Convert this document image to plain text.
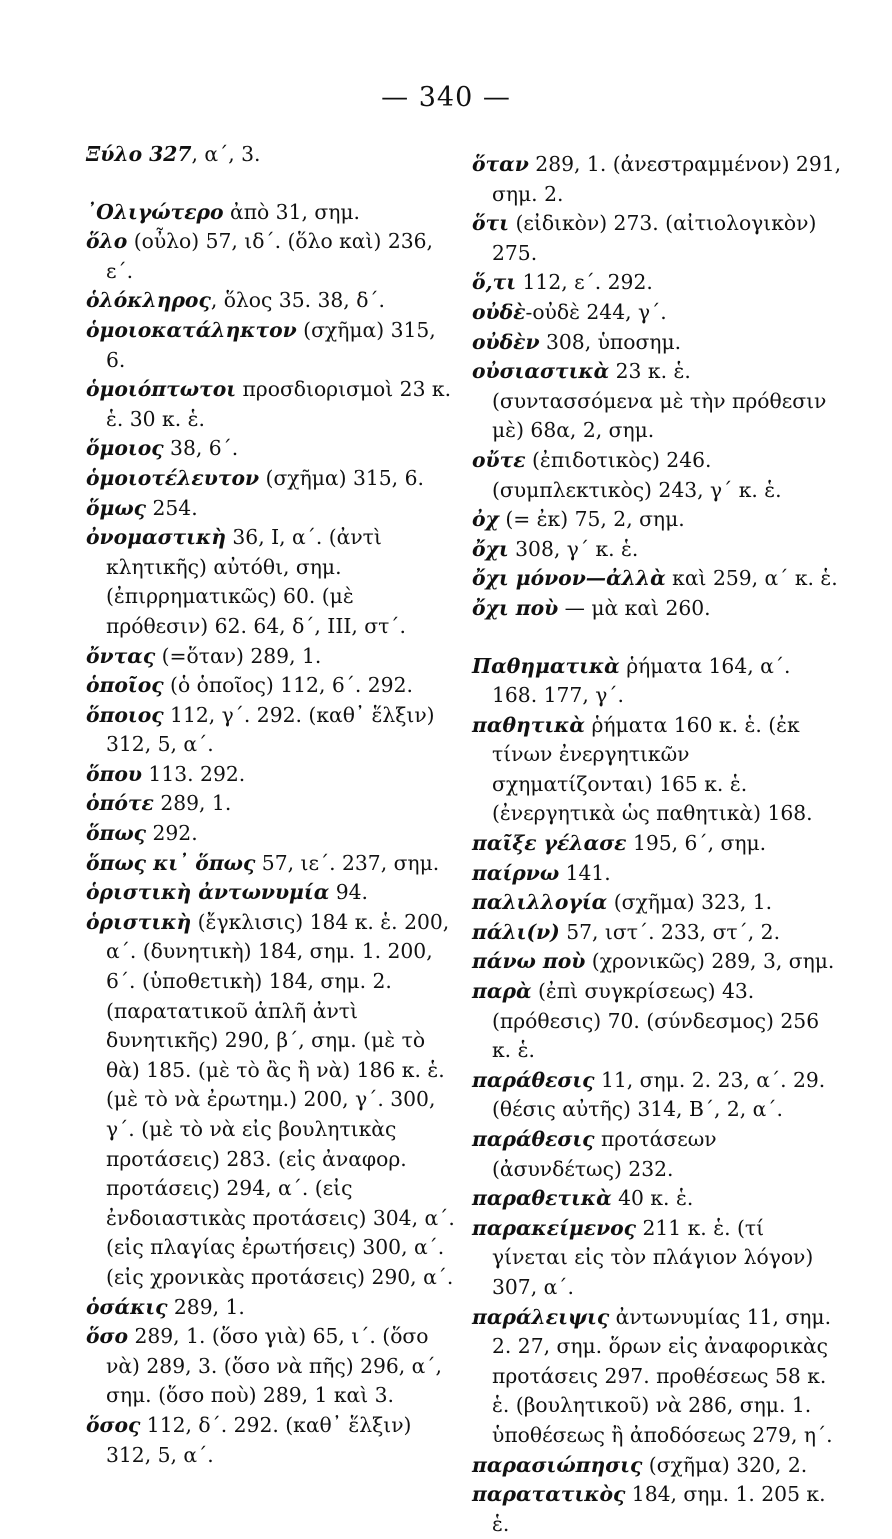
— 340 —
Ξύλο 327, α΄, 3.
᾿Ολιγώτερο ἀπὸ 31, σημ.
ὅλο (οὖλο) 57, ιδ΄. (ὅλο καὶ) 236, ε΄.
ὁλόκληρος, ὅλος 35. 38, δ΄.
ὁμοιοκατάληκτον (σχῆμα) 315, 6.
ὁμοιόπτωτοι προσδιορισμοὶ 23 κ. ἑ. 30 κ. ἑ.
ὅμοιος 38, 6΄.
ὁμοιοτέλευτον (σχῆμα) 315, 6.
ὅμως 254.
ὀνομαστικὴ 36, I, α΄. (ἀντὶ κλητικῆς) αὐτόθι, σημ. (ἐπιρρηματικῶς) 60. (μὲ πρόθεσιν) 62. 64, δ΄, III, στ΄.
ὄντας (=ὅταν) 289, 1.
ὁποῖος (ὁ ὁποῖος) 112, 6΄. 292.
ὅποιος 112, γ΄. 292. (καθ᾿ ἕλξιν) 312, 5, α΄.
ὅπου 113. 292.
ὁπότε 289, 1.
ὅπως 292.
ὅπως κι᾿ ὅπως 57, ιε΄. 237, σημ.
ὁριστικὴ ἀντωνυμία 94.
ὁριστικὴ (ἔγκλισις) 184 κ. ἑ. 200, α΄. (δυνητικὴ) 184, σημ. 1. 200, 6΄. (ὑποθετικὴ) 184, σημ. 2. (παρατατικοῦ ἁπλῆ ἀντὶ δυνητικῆς) 290, β΄, σημ. (μὲ τὸ θὰ) 185. (μὲ τὸ ἂς ἢ νὰ) 186 κ. ἑ. (μὲ τὸ νὰ ἐρωτημ.) 200, γ΄. 300, γ΄. (μὲ τὸ νὰ εἰς βουλητικὰς προτάσεις) 283. (εἰς ἀναφορ. προτάσεις) 294, α΄. (εἰς ἐνδοιαστικὰς προτάσεις) 304, α΄. (εἰς πλαγίας ἐρωτήσεις) 300, α΄. (εἰς χρονικὰς προτάσεις) 290, α΄.
ὁσάκις 289, 1.
ὅσο 289, 1. (ὅσο γιὰ) 65, ι΄. (ὅσο νὰ) 289, 3. (ὅσο νὰ πῆς) 296, α΄, σημ. (ὅσο ποὺ) 289, 1 καὶ 3.
ὅσος 112, δ΄. 292. (καθ᾿ ἕλξιν) 312, 5, α΄.
ὅταν 289, 1. (ἀνεστραμμένον) 291, σημ. 2.
ὅτι (εἰδικὸν) 273. (αἰτιολογικὸν) 275.
ὅ,τι 112, ε΄. 292.
οὐδὲ-οὐδὲ 244, γ΄.
οὐδὲν 308, ὑποσημ.
οὐσιαστικὰ 23 κ. ἑ. (συντασσόμενα μὲ τὴν πρόθεσιν μὲ) 68α, 2, σημ.
οὔτε (ἐπιδοτικὸς) 246. (συμπλεκτικὸς) 243, γ΄ κ. ἑ.
ὀχ (= ἐκ) 75, 2, σημ.
ὄχι 308, γ΄ κ. ἑ.
ὄχι μόνον—ἀλλὰ καὶ 259, α΄ κ. ἑ.
ὄχι ποὺ — μὰ καὶ 260.
Παθηματικὰ ῥήματα 164, α΄. 168. 177, γ΄.
παθητικὰ ῥήματα 160 κ. ἑ. (ἐκ τίνων ἐνεργητικῶν σχηματίζονται) 165 κ. ἑ. (ἐνεργητικὰ ὡς παθητικὰ) 168.
παῖξε γέλασε 195, 6΄, σημ.
παίρνω 141.
παλιλλογία (σχῆμα) 323, 1.
πάλι(ν) 57, ιστ΄. 233, στ΄, 2.
πάνω ποὺ (χρονικῶς) 289, 3, σημ.
παρὰ (ἐπὶ συγκρίσεως) 43. (πρόθεσις) 70. (σύνδεσμος) 256 κ. ἑ.
παράθεσις 11, σημ. 2. 23, α΄. 29. (θέσις αὐτῆς) 314, Β΄, 2, α΄.
παράθεσις προτάσεων (ἀσυνδέτως) 232.
παραθετικὰ 40 κ. ἑ.
παρακείμενος 211 κ. ἑ. (τί γίνεται εἰς τὸν πλάγιον λόγον) 307, α΄.
παράλειψις ἀντωνυμίας 11, σημ. 2. 27, σημ. ὅρων εἰς ἀναφορικὰς προτάσεις 297. προθέσεως 58 κ. ἑ. (βουλητικοῦ) νὰ 286, σημ. 1. ὑποθέσεως ἢ ἀποδόσεως 279, η΄.
παρασιώπησις (σχῆμα) 320, 2.
παρατατικὸς 184, σημ. 1. 205 κ. ἑ.
